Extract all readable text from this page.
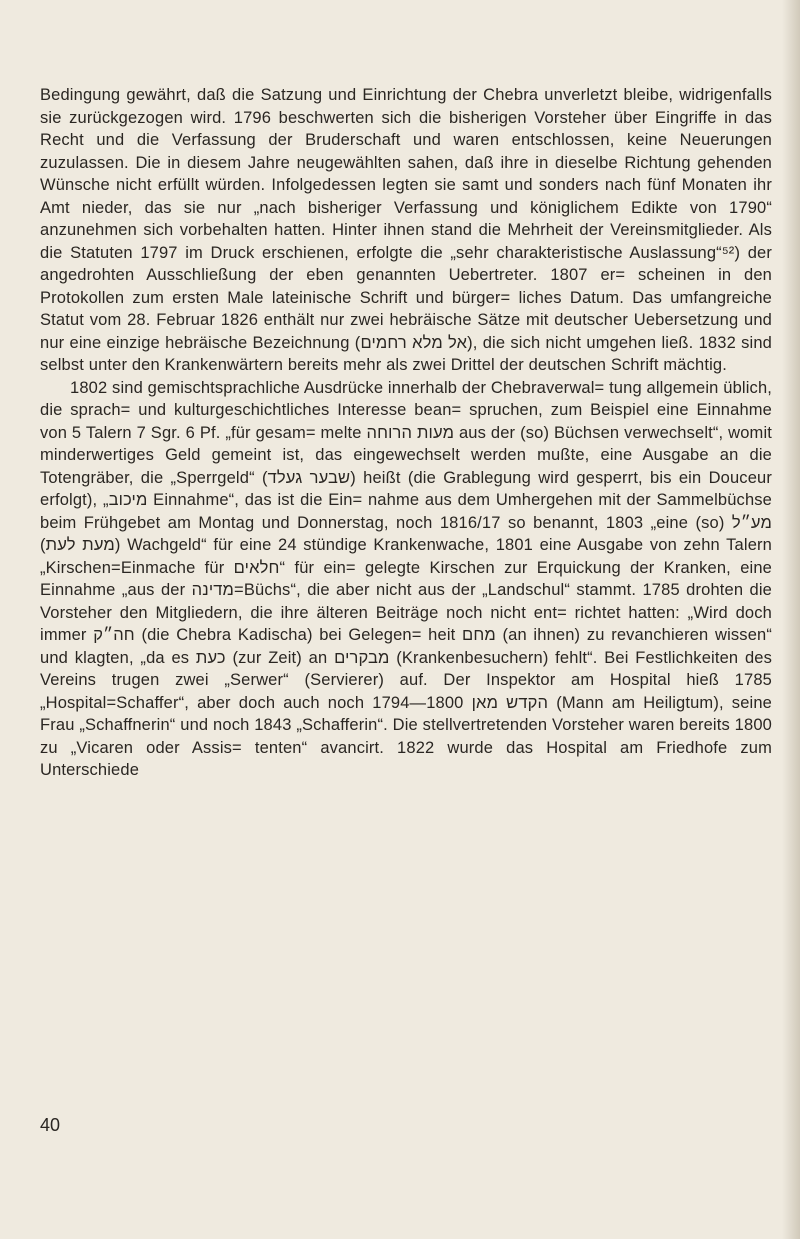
Bedingung gewährt, daß die Satzung und Einrichtung der Chebra unverletzt bleibe, widrigenfalls sie zurückgezogen wird. 1796 beschwerten sich die bisherigen Vorsteher über Eingriffe in das Recht und die Verfassung der Bruderschaft und waren entschlossen, keine Neuerungen zuzulassen. Die in diesem Jahre neugewählten sahen, daß ihre in dieselbe Richtung gehenden Wünsche nicht erfüllt würden. Infolgedessen legten sie samt und sonders nach fünf Monaten ihr Amt nieder, das sie nur „nach bisheriger Verfassung und königlichem Edikte von 1790“ anzunehmen sich vorbehalten hatten. Hinter ihnen stand die Mehrheit der Vereinsmitglieder. Als die Statuten 1797 im Druck erschienen, erfolgte die „sehr charakteristische Auslassung“⁵²) der angedrohten Ausschließung der eben genannten Uebertreter. 1807 er= scheinen in den Protokollen zum ersten Male lateinische Schrift und bürger= liches Datum. Das umfangreiche Statut vom 28. Februar 1826 enthält nur zwei hebräische Sätze mit deutscher Uebersetzung und nur eine einzige hebräische Bezeichnung (אל מלא רחמים), die sich nicht umgehen ließ. 1832 sind selbst unter den Krankenwärtern bereits mehr als zwei Drittel der deutschen Schrift mächtig.

1802 sind gemischtsprachliche Ausdrücke innerhalb der Chebraverwal= tung allgemein üblich, die sprach= und kulturgeschichtliches Interesse bean= spruchen, zum Beispiel eine Einnahme von 5 Talern 7 Sgr. 6 Pf. „für gesam= melte מעות הרוחה aus der (so) Büchsen verwechselt“, womit minderwertiges Geld gemeint ist, das eingewechselt werden mußte, eine Ausgabe an die Totengräber, die „Sperrgeld“ (שבער געלד) heißt (die Grablegung wird gesperrt, bis ein Douceur erfolgt), „מיכוב Einnahme“, das ist die Ein= nahme aus dem Umhergehen mit der Sammelbüchse beim Frühgebet am Montag und Donnerstag, noch 1816/17 so benannt, 1803 „eine (so) מע״ל (מעת לעת) Wachgeld“ für eine 24 stündige Krankenwache, 1801 eine Ausgabe von zehn Talern „Kirschen=Einmache für חלאים“ für ein= gelegte Kirschen zur Erquickung der Kranken, eine Einnahme „aus der מדינה=Büchs“, die aber nicht aus der „Landschul“ stammt. 1785 drohten die Vorsteher den Mitgliedern, die ihre älteren Beiträge noch nicht ent= richtet hatten: „Wird doch immer חה״ק (die Chebra Kadischa) bei Gelegen= heit מחם (an ihnen) zu revanchieren wissen“ und klagten, „da es כעת (zur Zeit) an מבקרים (Krankenbesuchern) fehlt“. Bei Festlichkeiten des Vereins trugen zwei „Serwer“ (Servierer) auf. Der Inspektor am Hospital hieß 1785 „Hospital=Schaffer“, aber doch auch noch 1794—1800 הקדש מאן (Mann am Heiligtum), seine Frau „Schaffnerin“ und noch 1843 „Schafferin“. Die stellvertretenden Vorsteher waren bereits 1800 zu „Vicaren oder Assis= tenten“ avancirt. 1822 wurde das Hospital am Friedhofe zum Unterschiede

40
